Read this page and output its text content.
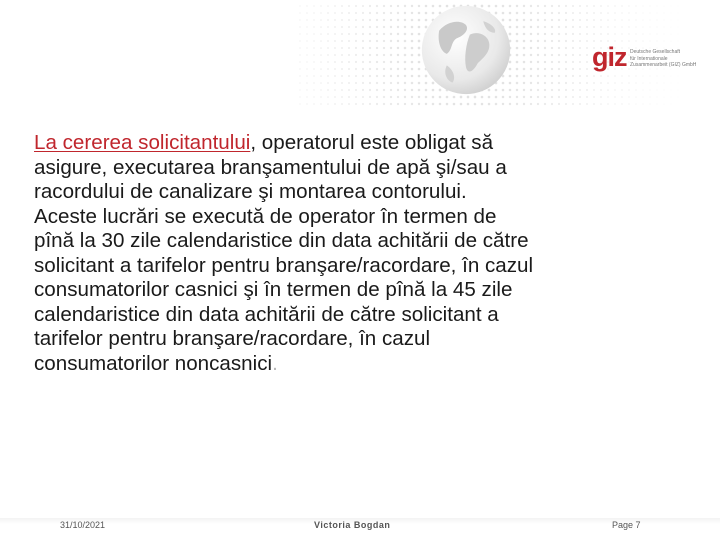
giz Deutsche Gesellschaft
für Internationale
Zusammenarbeit (GIZ) GmbH
La cererea solicitantului, operatorul este obligat să
asigure, executarea branşamentului de apă şi/sau a
racordului de canalizare şi montarea contorului.
Aceste lucrări se execută de operator în termen de
pînă la 30 zile calendaristice din data achitării de către
solicitant a tarifelor pentru branşare/racordare, în cazul
consumatorilor casnici şi în termen de pînă la 45 zile
calendaristice din data achitării de către solicitant a
tarifelor pentru branşare/racordare, în cazul
consumatorilor noncasnici.
31/10/2021	Victoria Bogdan	Page 7
